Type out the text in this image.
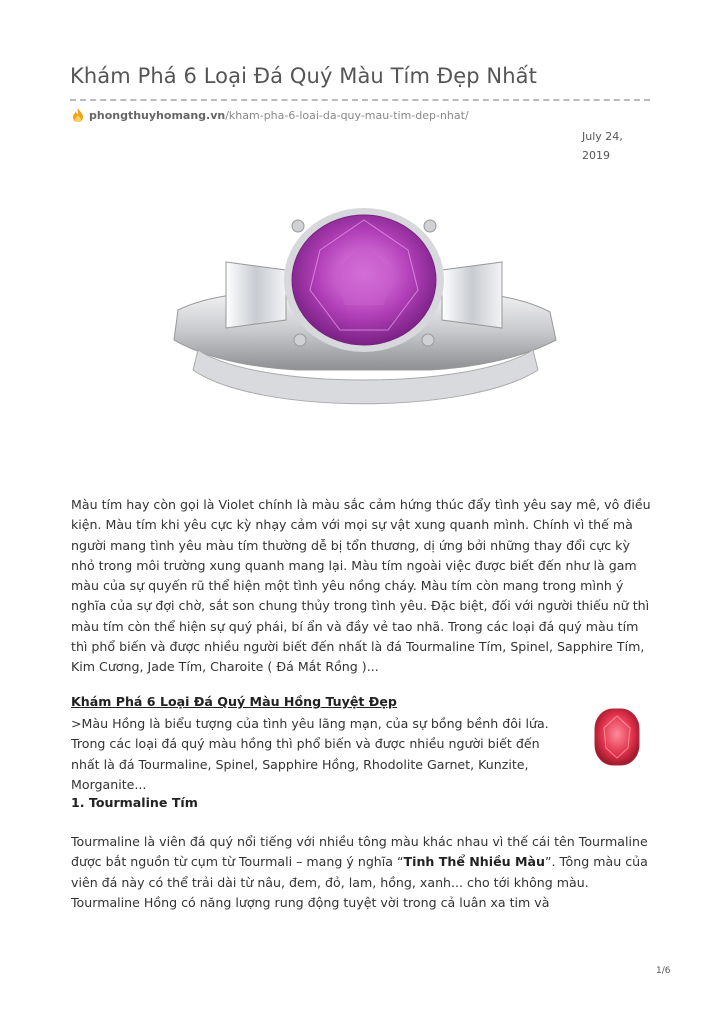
Khám Phá 6 Loại Đá Quý Màu Tím Đẹp Nhất
phongthuyhomang.vn /kham-pha-6-loai-da-quy-mau-tim-dep-nhat/
July 24,
2019

Màu tím hay còn gọi là Violet chính là màu sắc cảm hứng thúc đẩy tình yêu say mê, vô điều kiện. Màu tím khi yêu cực kỳ nhạy cảm với mọi sự vật xung quanh mình. Chính vì thế mà người mang tình yêu màu tím thường dễ bị tổn thương, dị ứng bởi những thay đổi cực kỳ nhỏ trong môi trường xung quanh mang lại. Màu tím ngoài việc được biết đến như là gam màu của sự quyến rũ thể hiện một tình yêu nồng cháy. Màu tím còn mang trong mình ý nghĩa của sự đợi chờ, sắt son chung thủy trong tình yêu. Đặc biệt, đối với người thiếu nữ thì màu tím còn thể hiện sự quý phái, bí ẩn và đầy vẻ tao nhã. Trong các loại đá quý màu tím thì phổ biến và được nhiều người biết đến nhất là đá Tourmaline Tím, Spinel, Sapphire Tím, Kim Cương, Jade Tím, Charoite ( Đá Mắt Rồng )...

Khám Phá 6 Loại Đá Quý Màu Hồng Tuyệt Đẹp

>Màu Hồng là biểu tượng của tình yêu lãng mạn, của sự bồng bềnh đôi lứa. Trong các loại đá quý màu hồng thì phổ biến và được nhiều người biết đến nhất là đá Tourmaline, Spinel, Sapphire Hồng, Rhodolite Garnet, Kunzite, Morganite...

1. Tourmaline Tím

Tourmaline là viên đá quý nổi tiếng với nhiều tông màu khác nhau vì thế cái tên Tourmaline được bắt nguồn từ cụm từ Tourmali – mang ý nghĩa “Tinh Thể Nhiều Màu”. Tông màu của viên đá này có thể trải dài từ nâu, đem, đỏ, lam, hồng, xanh... cho tới không màu. Tourmaline Hồng có năng lượng rung động tuyệt vời trong cả luân xa tim và

1/6
